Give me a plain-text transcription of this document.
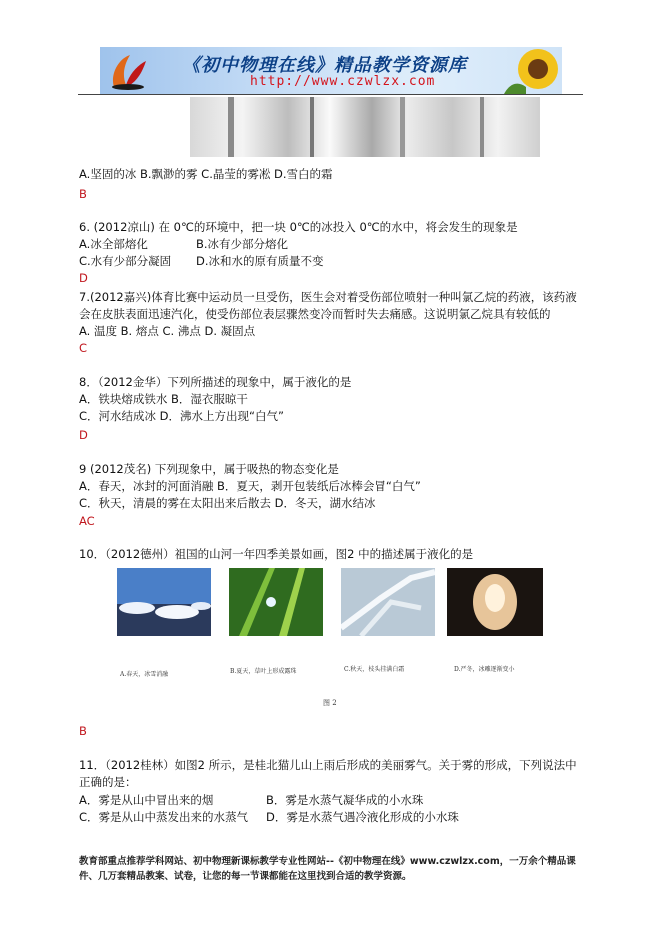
《初中物理在线》精品教学资源库
http://www.czwlzx.com
A.坚固的冰 B.飘渺的雾 C.晶莹的雾凇 D.雪白的霜
B
6. (2012凉山) 在 0℃的环境中，把一块 0℃的冰投入 0℃的水中，将会发生的现象是
A.冰全部熔化	B.冰有少部分熔化
C.水有少部分凝固 D.冰和水的原有质量不变
D
7.(2012嘉兴)体育比赛中运动员一旦受伤，医生会对着受伤部位喷射一种叫氯乙烷的药液，该药液
会在皮肤表面迅速汽化，使受伤部位表层骤然变冷而暂时失去痛感。这说明氯乙烷具有较低的
A. 温度 B. 熔点 C. 沸点 D. 凝固点
C
8．（2012金华）下列所描述的现象中，属于液化的是
A．铁块熔成铁水 B．湿衣服晾干
C．河水结成冰 D．沸水上方出现“白气”
D
9 (2012茂名) 下列现象中，属于吸热的物态变化是
A．春天，冰封的河面消融 B．夏天，剥开包装纸后冰棒会冒“白气”
C．秋天，清晨的雾在太阳出来后散去 D．冬天，湖水结冰
AC
10．（2012德州）祖国的山河一年四季美景如画，图2 中的描述属于液化的是
A.春天，冰雪消融	B.夏天，草叶上形成露珠	C.秋天，枝头挂满白霜	D.严冬，冰雕逐渐变小
图 2
B
11．（2012桂林）如图2 所示，是桂北猫儿山上雨后形成的美丽雾气。关于雾的形成，下列说法中
正确的是：
A．雾是从山中冒出来的烟	B．雾是水蒸气凝华成的小水珠
C．雾是从山中蒸发出来的水蒸气 D．雾是水蒸气遇冷液化形成的小水珠
教育部重点推荐学科网站、初中物理新课标教学专业性网站--《初中物理在线》www.czwlzx.com，一万余个精品课
件、几万套精品教案、试卷，让您的每一节课都能在这里找到合适的教学资源。
